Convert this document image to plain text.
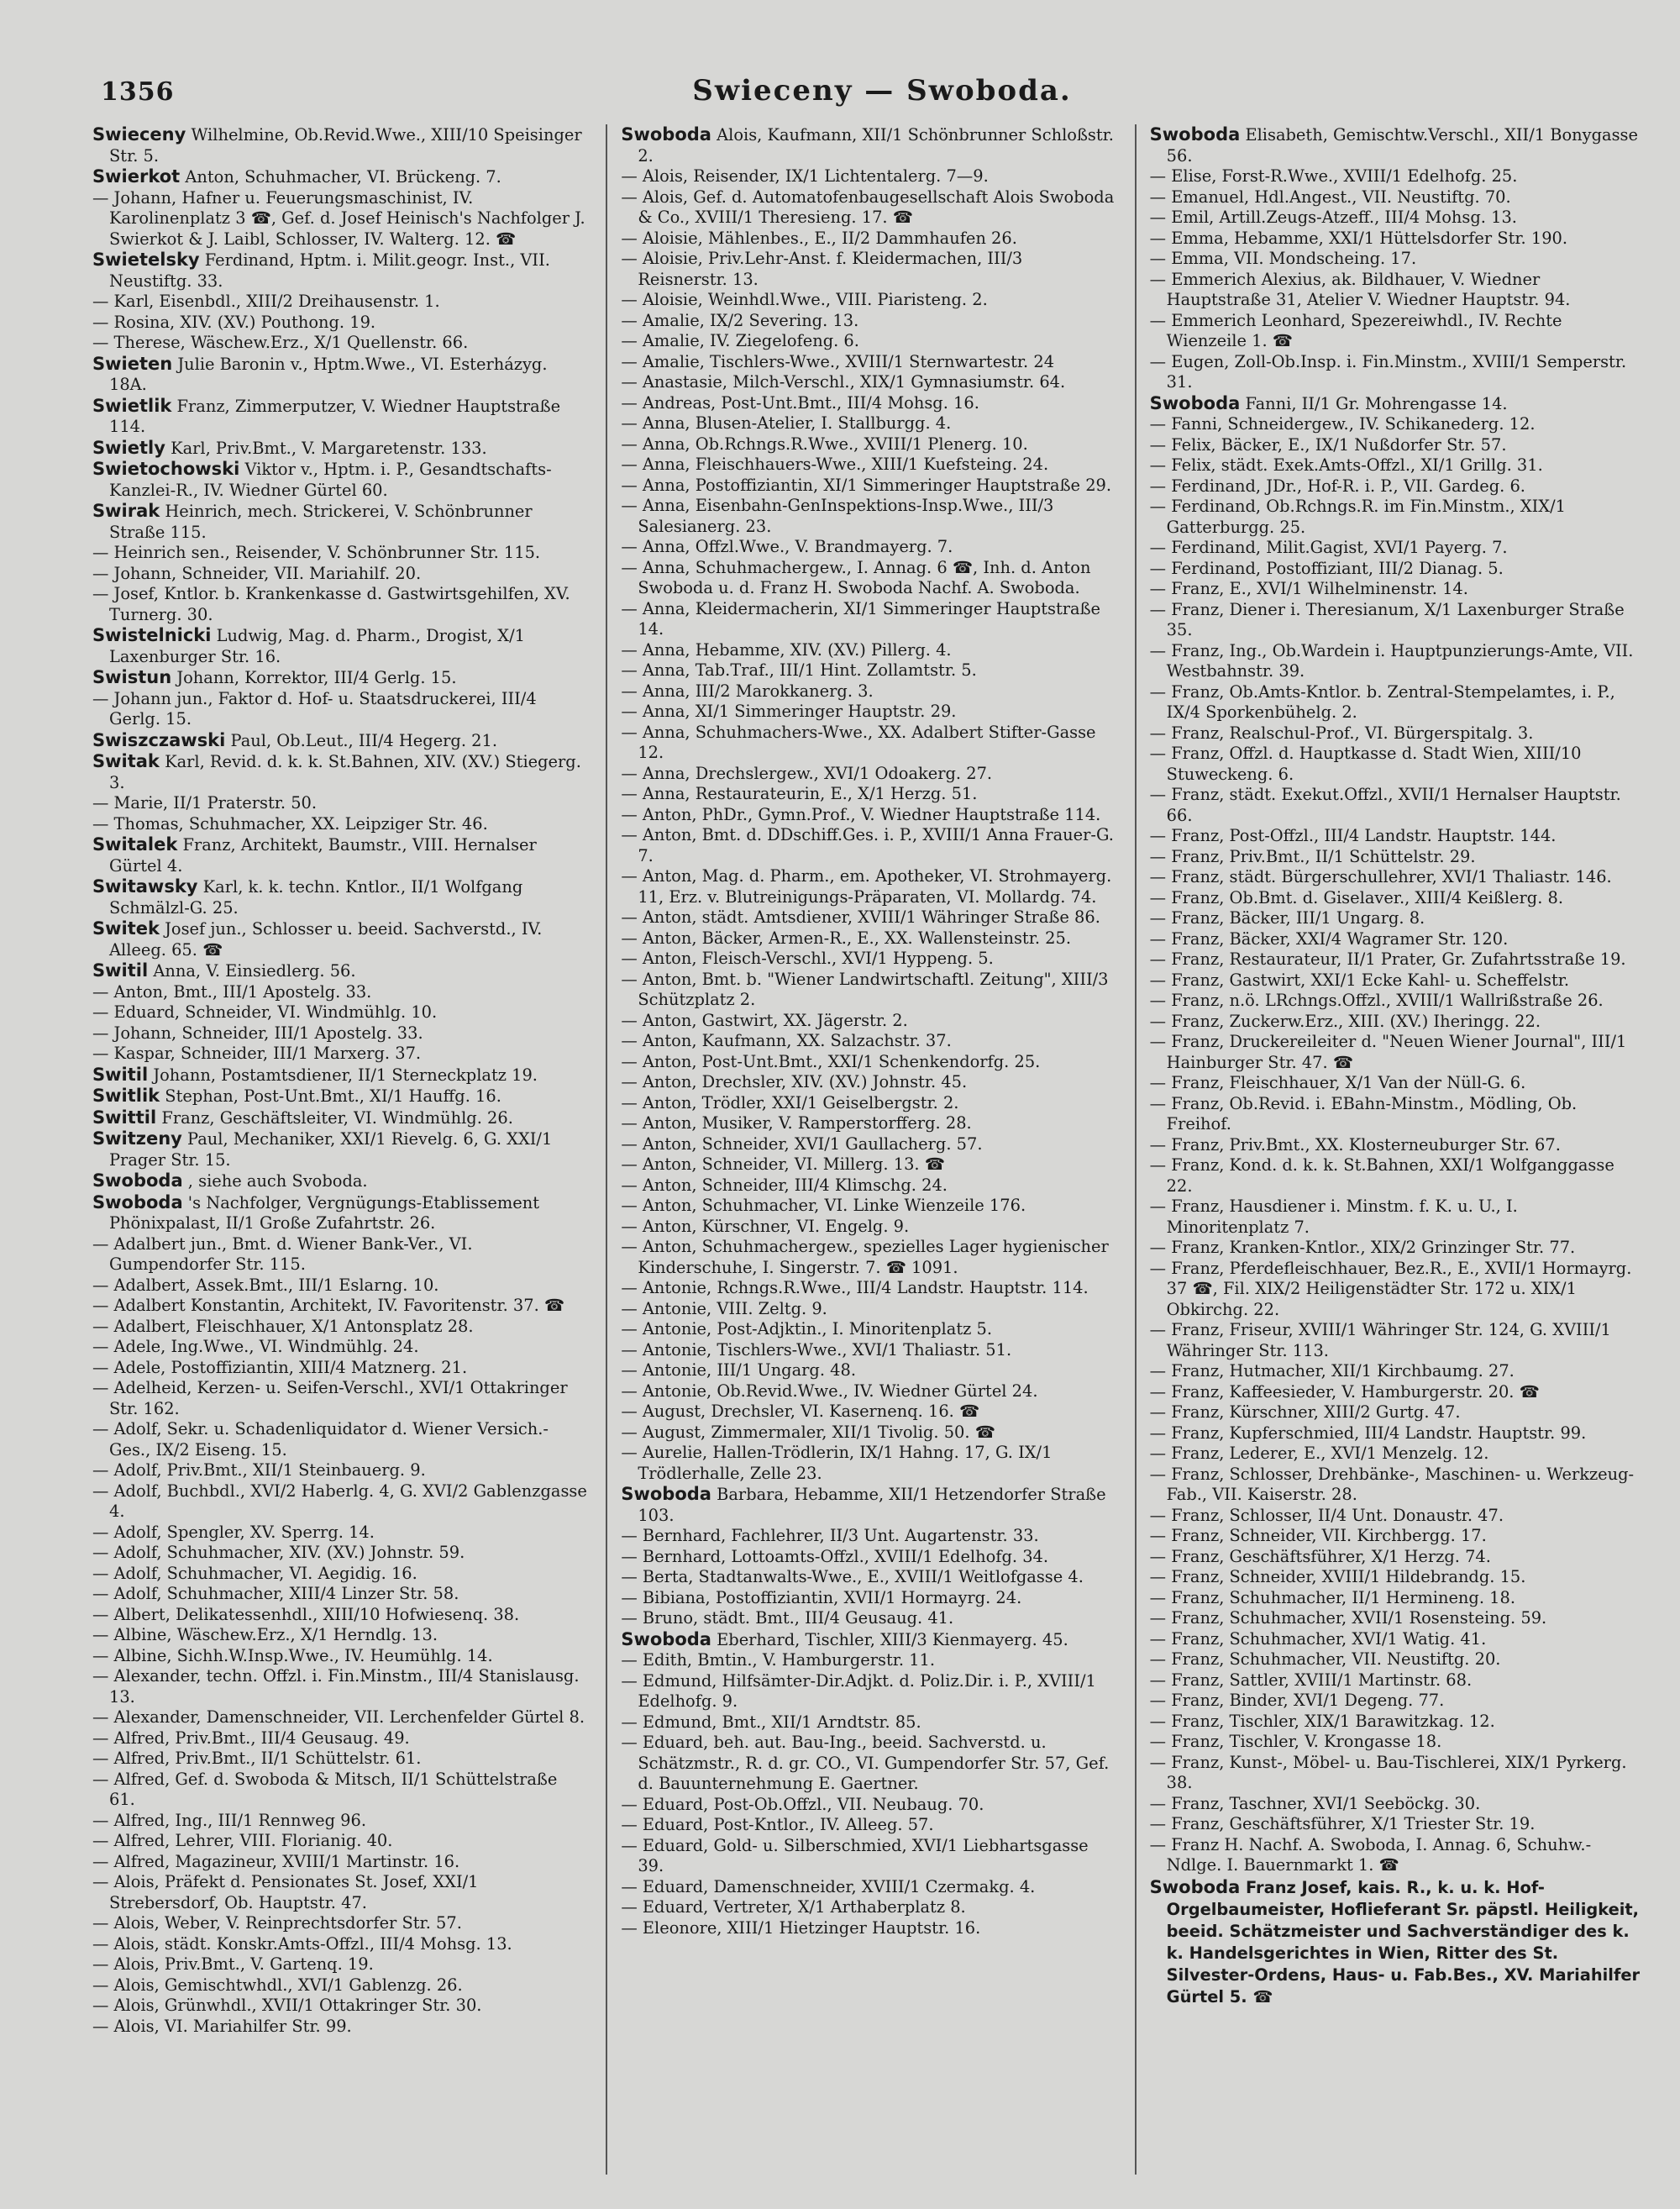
1356	Swieceny — Swoboda.

Swieceny Wilhelmine, Ob.Revid.Wwe., XIII/10 Speisinger Str. 5.

Swierkot Anton, Schuhmacher, VI. Brückeng. 7.

— Johann, Hafner u. Feuerungsmaschinist, IV. Karolinenplatz 3 ☎, Gef. d. Josef Heinisch's Nachfolger J. Swierkot & J. Laibl, Schlosser, IV. Walterg. 12. ☎

Swietelsky Ferdinand, Hptm. i. Milit.geogr. Inst., VII. Neustiftg. 33.

— Karl, Eisenbdl., XIII/2 Dreihausenstr. 1.

— Rosina, XIV. (XV.) Pouthong. 19.

— Therese, Wäschew.Erz., X/1 Quellenstr. 66.

Swieten Julie Baronin v., Hptm.Wwe., VI. Esterházyg. 18A.

Swietlik Franz, Zimmerputzer, V. Wiedner Hauptstraße 114.

Swietly Karl, Priv.Bmt., V. Margaretenstr. 133.

Swietochowski Viktor v., Hptm. i. P., Gesandtschafts-Kanzlei-R., IV. Wiedner Gürtel 60.

Swirak Heinrich, mech. Strickerei, V. Schönbrunner Straße 115.

— Heinrich sen., Reisender, V. Schönbrunner Str. 115.

— Johann, Schneider, VII. Mariahilf. 20.

— Josef, Kntlor. b. Krankenkasse d. Gastwirtsgehilfen, XV. Turnerg. 30.

Swistelnicki Ludwig, Mag. d. Pharm., Drogist, X/1 Laxenburger Str. 16.

Swistun Johann, Korrektor, III/4 Gerlg. 15.

— Johann jun., Faktor d. Hof- u. Staatsdruckerei, III/4 Gerlg. 15.

Swiszczawski Paul, Ob.Leut., III/4 Hegerg. 21.

Switak Karl, Revid. d. k. k. St.Bahnen, XIV. (XV.) Stiegerg. 3.

— Marie, II/1 Praterstr. 50.

— Thomas, Schuhmacher, XX. Leipziger Str. 46.

Switalek Franz, Architekt, Baumstr., VIII. Hernalser Gürtel 4.

Switawsky Karl, k. k. techn. Kntlor., II/1 Wolfgang Schmälzl-G. 25.

Switek Josef jun., Schlosser u. beeid. Sachverstd., IV. Alleeg. 65. ☎

Switil Anna, V. Einsiedlerg. 56.

— Anton, Bmt., III/1 Apostelg. 33.

— Eduard, Schneider, VI. Windmühlg. 10.

— Johann, Schneider, III/1 Apostelg. 33.

— Kaspar, Schneider, III/1 Marxerg. 37.

Switil Johann, Postamtsdiener, II/1 Sterneckplatz 19.

Switlik Stephan, Post-Unt.Bmt., XI/1 Hauffg. 16.

Swittil Franz, Geschäftsleiter, VI. Windmühlg. 26.

Switzeny Paul, Mechaniker, XXI/1 Rievelg. 6, G. XXI/1 Prager Str. 15.

Swoboda , siehe auch Svoboda.

Swoboda 's Nachfolger, Vergnügungs-Etablissement Phönixpalast, II/1 Große Zufahrtstr. 26.

— Adalbert jun., Bmt. d. Wiener Bank-Ver., VI. Gumpendorfer Str. 115.

— Adalbert, Assek.Bmt., III/1 Eslarng. 10.

— Adalbert Konstantin, Architekt, IV. Favoritenstr. 37. ☎

— Adalbert, Fleischhauer, X/1 Antonsplatz 28.

— Adele, Ing.Wwe., VI. Windmühlg. 24.

— Adele, Postoffiziantin, XIII/4 Matznerg. 21.

— Adelheid, Kerzen- u. Seifen-Verschl., XVI/1 Ottakringer Str. 162.

— Adolf, Sekr. u. Schadenliquidator d. Wiener Versich.-Ges., IX/2 Eiseng. 15.

— Adolf, Priv.Bmt., XII/1 Steinbauerg. 9.

— Adolf, Buchbdl., XVI/2 Haberlg. 4, G. XVI/2 Gablenzgasse 4.

— Adolf, Spengler, XV. Sperrg. 14.

— Adolf, Schuhmacher, XIV. (XV.) Johnstr. 59.

— Adolf, Schuhmacher, VI. Aegidig. 16.

— Adolf, Schuhmacher, XIII/4 Linzer Str. 58.

— Albert, Delikatessenhdl., XIII/10 Hofwiesenq. 38.

— Albine, Wäschew.Erz., X/1 Herndlg. 13.

— Albine, Sichh.W.Insp.Wwe., IV. Heumühlg. 14.

— Alexander, techn. Offzl. i. Fin.Minstm., III/4 Stanislausg. 13.

— Alexander, Damenschneider, VII. Lerchenfelder Gürtel 8.

— Alfred, Priv.Bmt., III/4 Geusaug. 49.

— Alfred, Priv.Bmt., II/1 Schüttelstr. 61.

— Alfred, Gef. d. Swoboda & Mitsch, II/1 Schüttelstraße 61.

— Alfred, Ing., III/1 Rennweg 96.

— Alfred, Lehrer, VIII. Florianig. 40.

— Alfred, Magazineur, XVIII/1 Martinstr. 16.

— Alois, Präfekt d. Pensionates St. Josef, XXI/1 Strebersdorf, Ob. Hauptstr. 47.

— Alois, Weber, V. Reinprechtsdorfer Str. 57.

— Alois, städt. Konskr.Amts-Offzl., III/4 Mohsg. 13.

— Alois, Priv.Bmt., V. Gartenq. 19.

— Alois, Gemischtwhdl., XVI/1 Gablenzg. 26.

— Alois, Grünwhdl., XVII/1 Ottakringer Str. 30.

— Alois, VI. Mariahilfer Str. 99.

Swoboda Alois, Kaufmann, XII/1 Schönbrunner Schloßstr. 2.

— Alois, Reisender, IX/1 Lichtentalerg. 7—9.

— Alois, Gef. d. Automatofenbaugesellschaft Alois Swoboda & Co., XVIII/1 Theresieng. 17. ☎

— Aloisie, Mählenbes., E., II/2 Dammhaufen 26.

— Aloisie, Priv.Lehr-Anst. f. Kleidermachen, III/3 Reisnerstr. 13.

— Aloisie, Weinhdl.Wwe., VIII. Piaristeng. 2.

— Amalie, IX/2 Severing. 13.

— Amalie, IV. Ziegelofeng. 6.

— Amalie, Tischlers-Wwe., XVIII/1 Sternwartestr. 24

— Anastasie, Milch-Verschl., XIX/1 Gymnasiumstr. 64.

— Andreas, Post-Unt.Bmt., III/4 Mohsg. 16.

— Anna, Blusen-Atelier, I. Stallburgg. 4.

— Anna, Ob.Rchngs.R.Wwe., XVIII/1 Plenerg. 10.

— Anna, Fleischhauers-Wwe., XIII/1 Kuefsteing. 24.

— Anna, Postoffiziantin, XI/1 Simmeringer Hauptstraße 29.

— Anna, Eisenbahn-GenInspektions-Insp.Wwe., III/3 Salesianerg. 23.

— Anna, Offzl.Wwe., V. Brandmayerg. 7.

— Anna, Schuhmachergew., I. Annag. 6 ☎, Inh. d. Anton Swoboda u. d. Franz H. Swoboda Nachf. A. Swoboda.

— Anna, Kleidermacherin, XI/1 Simmeringer Hauptstraße 14.

— Anna, Hebamme, XIV. (XV.) Pillerg. 4.

— Anna, Tab.Traf., III/1 Hint. Zollamtstr. 5.

— Anna, III/2 Marokkanerg. 3.

— Anna, XI/1 Simmeringer Hauptstr. 29.

— Anna, Schuhmachers-Wwe., XX. Adalbert Stifter-Gasse 12.

— Anna, Drechslergew., XVI/1 Odoakerg. 27.

— Anna, Restaurateurin, E., X/1 Herzg. 51.

— Anton, PhDr., Gymn.Prof., V. Wiedner Hauptstraße 114.

— Anton, Bmt. d. DDschiff.Ges. i. P., XVIII/1 Anna Frauer-G. 7.

— Anton, Mag. d. Pharm., em. Apotheker, VI. Strohmayerg. 11, Erz. v. Blutreinigungs-Präparaten, VI. Mollardg. 74.

— Anton, städt. Amtsdiener, XVIII/1 Währinger Straße 86.

— Anton, Bäcker, Armen-R., E., XX. Wallensteinstr. 25.

— Anton, Fleisch-Verschl., XVI/1 Hyppeng. 5.

— Anton, Bmt. b. "Wiener Landwirtschaftl. Zeitung", XIII/3 Schützplatz 2.

— Anton, Gastwirt, XX. Jägerstr. 2.

— Anton, Kaufmann, XX. Salzachstr. 37.

— Anton, Post-Unt.Bmt., XXI/1 Schenkendorfg. 25.

— Anton, Drechsler, XIV. (XV.) Johnstr. 45.

— Anton, Trödler, XXI/1 Geiselbergstr. 2.

— Anton, Musiker, V. Ramperstorfferg. 28.

— Anton, Schneider, XVI/1 Gaullacherg. 57.

— Anton, Schneider, VI. Millerg. 13. ☎

— Anton, Schneider, III/4 Klimschg. 24.

— Anton, Schuhmacher, VI. Linke Wienzeile 176.

— Anton, Kürschner, VI. Engelg. 9.

— Anton, Schuhmachergew., spezielles Lager hygienischer Kinderschuhe, I. Singerstr. 7. ☎ 1091.

— Antonie, Rchngs.R.Wwe., III/4 Landstr. Hauptstr. 114.

— Antonie, VIII. Zeltg. 9.

— Antonie, Post-Adjktin., I. Minoritenplatz 5.

— Antonie, Tischlers-Wwe., XVI/1 Thaliastr. 51.

— Antonie, III/1 Ungarg. 48.

— Antonie, Ob.Revid.Wwe., IV. Wiedner Gürtel 24.

— August, Drechsler, VI. Kasernenq. 16. ☎

— August, Zimmermaler, XII/1 Tivolig. 50. ☎

— Aurelie, Hallen-Trödlerin, IX/1 Hahng. 17, G. IX/1 Trödlerhalle, Zelle 23.

Swoboda Barbara, Hebamme, XII/1 Hetzendorfer Straße 103.

— Bernhard, Fachlehrer, II/3 Unt. Augartenstr. 33.

— Bernhard, Lottoamts-Offzl., XVIII/1 Edelhofg. 34.

— Berta, Stadtanwalts-Wwe., E., XVIII/1 Weitlofgasse 4.

— Bibiana, Postoffiziantin, XVII/1 Hormayrg. 24.

— Bruno, städt. Bmt., III/4 Geusaug. 41.

Swoboda Eberhard, Tischler, XIII/3 Kienmayerg. 45.

— Edith, Bmtin., V. Hamburgerstr. 11.

— Edmund, Hilfsämter-Dir.Adjkt. d. Poliz.Dir. i. P., XVIII/1 Edelhofg. 9.

— Edmund, Bmt., XII/1 Arndtstr. 85.

— Eduard, beh. aut. Bau-Ing., beeid. Sachverstd. u. Schätzmstr., R. d. gr. CO., VI. Gumpendorfer Str. 57, Gef. d. Bauunternehmung E. Gaertner.

— Eduard, Post-Ob.Offzl., VII. Neubaug. 70.

— Eduard, Post-Kntlor., IV. Alleeg. 57.

— Eduard, Gold- u. Silberschmied, XVI/1 Liebhartsgasse 39.

— Eduard, Damenschneider, XVIII/1 Czermakg. 4.

— Eduard, Vertreter, X/1 Arthaberplatz 8.

— Eleonore, XIII/1 Hietzinger Hauptstr. 16.

Swoboda Elisabeth, Gemischtw.Verschl., XII/1 Bonygasse 56.

— Elise, Forst-R.Wwe., XVIII/1 Edelhofg. 25.

— Emanuel, Hdl.Angest., VII. Neustiftg. 70.

— Emil, Artill.Zeugs-Atzeff., III/4 Mohsg. 13.

— Emma, Hebamme, XXI/1 Hüttelsdorfer Str. 190.

— Emma, VII. Mondscheing. 17.

— Emmerich Alexius, ak. Bildhauer, V. Wiedner Hauptstraße 31, Atelier V. Wiedner Hauptstr. 94.

— Emmerich Leonhard, Spezereiwhdl., IV. Rechte Wienzeile 1. ☎

— Eugen, Zoll-Ob.Insp. i. Fin.Minstm., XVIII/1 Semperstr. 31.

Swoboda Fanni, II/1 Gr. Mohrengasse 14.

— Fanni, Schneidergew., IV. Schikanederg. 12.

— Felix, Bäcker, E., IX/1 Nußdorfer Str. 57.

— Felix, städt. Exek.Amts-Offzl., XI/1 Grillg. 31.

— Ferdinand, JDr., Hof-R. i. P., VII. Gardeg. 6.

— Ferdinand, Ob.Rchngs.R. im Fin.Minstm., XIX/1 Gatterburgg. 25.

— Ferdinand, Milit.Gagist, XVI/1 Payerg. 7.

— Ferdinand, Postoffiziant, III/2 Dianag. 5.

— Franz, E., XVI/1 Wilhelminenstr. 14.

— Franz, Diener i. Theresianum, X/1 Laxenburger Straße 35.

— Franz, Ing., Ob.Wardein i. Hauptpunzierungs-Amte, VII. Westbahnstr. 39.

— Franz, Ob.Amts-Kntlor. b. Zentral-Stempelamtes, i. P., IX/4 Sporkenbühelg. 2.

— Franz, Realschul-Prof., VI. Bürgerspitalg. 3.

— Franz, Offzl. d. Hauptkasse d. Stadt Wien, XIII/10 Stuweckeng. 6.

— Franz, städt. Exekut.Offzl., XVII/1 Hernalser Hauptstr. 66.

— Franz, Post-Offzl., III/4 Landstr. Hauptstr. 144.

— Franz, Priv.Bmt., II/1 Schüttelstr. 29.

— Franz, städt. Bürgerschullehrer, XVI/1 Thaliastr. 146.

— Franz, Ob.Bmt. d. Giselaver., XIII/4 Keißlerg. 8.

— Franz, Bäcker, III/1 Ungarg. 8.

— Franz, Bäcker, XXI/4 Wagramer Str. 120.

— Franz, Restaurateur, II/1 Prater, Gr. Zufahrtsstraße 19.

— Franz, Gastwirt, XXI/1 Ecke Kahl- u. Scheffelstr.

— Franz, n.ö. LRchngs.Offzl., XVIII/1 Wallrißstraße 26.

— Franz, Zuckerw.Erz., XIII. (XV.) Iheringg. 22.

— Franz, Druckereileiter d. "Neuen Wiener Journal", III/1 Hainburger Str. 47. ☎

— Franz, Fleischhauer, X/1 Van der Nüll-G. 6.

— Franz, Ob.Revid. i. EBahn-Minstm., Mödling, Ob. Freihof.

— Franz, Priv.Bmt., XX. Klosterneuburger Str. 67.

— Franz, Kond. d. k. k. St.Bahnen, XXI/1 Wolfganggasse 22.

— Franz, Hausdiener i. Minstm. f. K. u. U., I. Minoritenplatz 7.

— Franz, Kranken-Kntlor., XIX/2 Grinzinger Str. 77.

— Franz, Pferdefleischhauer, Bez.R., E., XVII/1 Hormayrg. 37 ☎, Fil. XIX/2 Heiligenstädter Str. 172 u. XIX/1 Obkirchg. 22.

— Franz, Friseur, XVIII/1 Währinger Str. 124, G. XVIII/1 Währinger Str. 113.

— Franz, Hutmacher, XII/1 Kirchbaumg. 27.

— Franz, Kaffeesieder, V. Hamburgerstr. 20. ☎

— Franz, Kürschner, XIII/2 Gurtg. 47.

— Franz, Kupferschmied, III/4 Landstr. Hauptstr. 99.

— Franz, Lederer, E., XVI/1 Menzelg. 12.

— Franz, Schlosser, Drehbänke-, Maschinen- u. Werkzeug-Fab., VII. Kaiserstr. 28.

— Franz, Schlosser, II/4 Unt. Donaustr. 47.

— Franz, Schneider, VII. Kirchbergg. 17.

— Franz, Geschäftsführer, X/1 Herzg. 74.

— Franz, Schneider, XVIII/1 Hildebrandg. 15.

— Franz, Schuhmacher, II/1 Hermineng. 18.

— Franz, Schuhmacher, XVII/1 Rosensteing. 59.

— Franz, Schuhmacher, XVI/1 Watig. 41.

— Franz, Schuhmacher, VII. Neustiftg. 20.

— Franz, Sattler, XVIII/1 Martinstr. 68.

— Franz, Binder, XVI/1 Degeng. 77.

— Franz, Tischler, XIX/1 Barawitzkag. 12.

— Franz, Tischler, V. Krongasse 18.

— Franz, Kunst-, Möbel- u. Bau-Tischlerei, XIX/1 Pyrkerg. 38.

— Franz, Taschner, XVI/1 Seeböckg. 30.

— Franz, Geschäftsführer, X/1 Triester Str. 19.

— Franz H. Nachf. A. Swoboda, I. Annag. 6, Schuhw.-Ndlge. I. Bauernmarkt 1. ☎

Swoboda Franz Josef, kais. R., k. u. k. Hof-Orgelbaumeister, Hoflieferant Sr. päpstl. Heiligkeit, beeid. Schätzmeister und Sachverständiger des k. k. Handelsgerichtes in Wien, Ritter des St. Silvester-Ordens, Haus- u. Fab.Bes., XV. Mariahilfer Gürtel 5. ☎
